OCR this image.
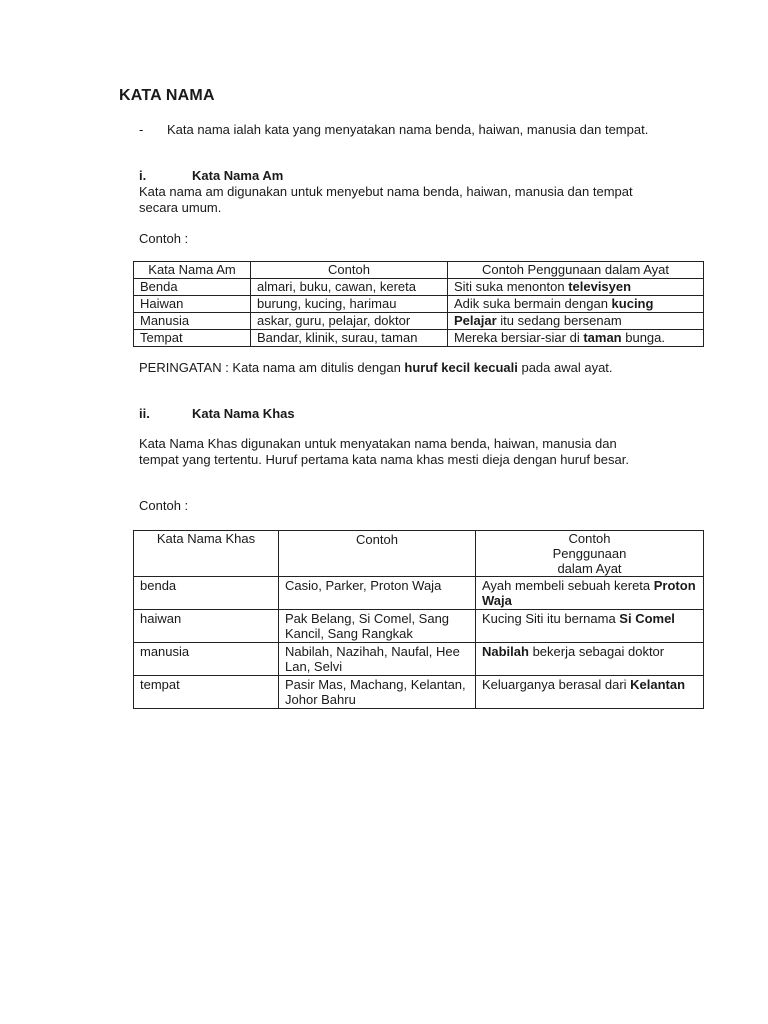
KATA NAMA
-	Kata nama ialah kata yang menyatakan nama benda, haiwan, manusia dan tempat.
i.	Kata Nama Am
Kata nama am digunakan untuk menyebut nama benda, haiwan, manusia dan tempat secara umum.
Contoh :
Kata Nama Am	Contoh	Contoh Penggunaan dalam Ayat
Benda	almari, buku, cawan, kereta	Siti suka menonton televisyen
Haiwan	burung, kucing, harimau	Adik suka bermain dengan kucing
Manusia	askar, guru, pelajar, doktor	Pelajar itu sedang bersenam
Tempat	Bandar, klinik, surau, taman	Mereka bersiar-siar di taman bunga.
PERINGATAN : Kata nama am ditulis dengan huruf kecil kecuali pada awal ayat.
ii.	Kata Nama Khas
Kata Nama Khas digunakan untuk menyatakan nama benda, haiwan, manusia dan tempat yang tertentu. Huruf pertama kata nama khas mesti dieja dengan huruf besar.
Contoh :
Kata Nama Khas	Contoh	Contoh Penggunaan dalam Ayat
benda	Casio, Parker, Proton Waja	Ayah membeli sebuah kereta Proton Waja
haiwan	Pak Belang, Si Comel, Sang Kancil, Sang Rangkak	Kucing Siti itu bernama Si Comel
manusia	Nabilah, Nazihah, Naufal, Hee Lan, Selvi	Nabilah bekerja sebagai doktor
tempat	Pasir Mas, Machang, Kelantan, Johor Bahru	Keluarganya berasal dari Kelantan
